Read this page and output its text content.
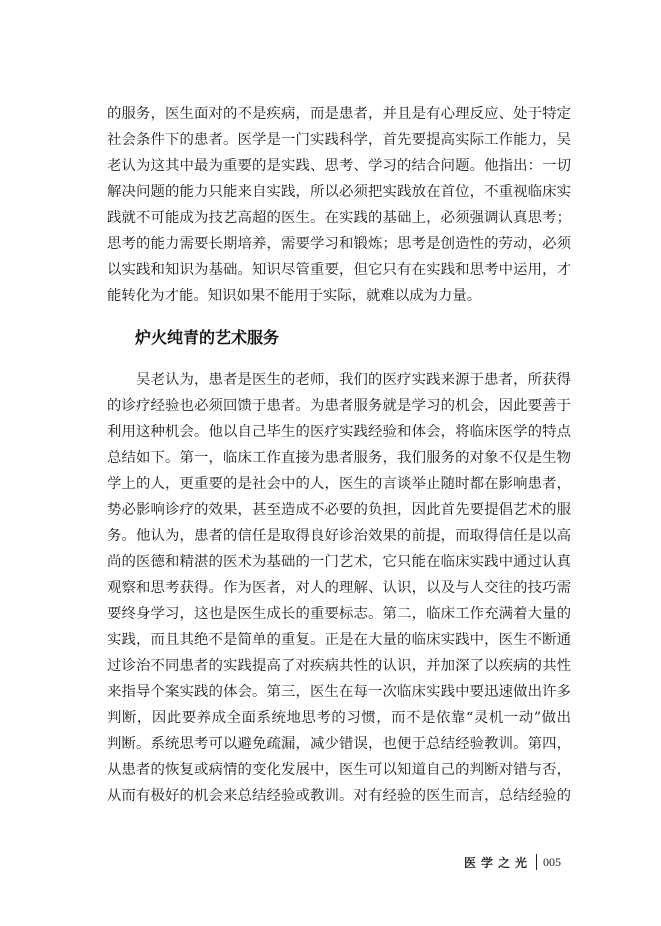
的服务，医生面对的不是疾病，而是患者，并且是有心理反应、处于特定
社会条件下的患者。医学是一门实践科学，首先要提高实际工作能力，吴
老认为这其中最为重要的是实践、思考、学习的结合问题。他指出：一切
解决问题的能力只能来自实践，所以必须把实践放在首位，不重视临床实
践就不可能成为技艺高超的医生。在实践的基础上，必须强调认真思考；
思考的能力需要长期培养，需要学习和锻炼；思考是创造性的劳动，必须
以实践和知识为基础。知识尽管重要，但它只有在实践和思考中运用，才
能转化为才能。知识如果不能用于实际，就难以成为力量。
炉火纯青的艺术服务
吴老认为，患者是医生的老师，我们的医疗实践来源于患者，所获得
的诊疗经验也必须回馈于患者。为患者服务就是学习的机会，因此要善于
利用这种机会。他以自己毕生的医疗实践经验和体会，将临床医学的特点
总结如下。第一，临床工作直接为患者服务，我们服务的对象不仅是生物
学上的人，更重要的是社会中的人，医生的言谈举止随时都在影响患者，
势必影响诊疗的效果，甚至造成不必要的负担，因此首先要提倡艺术的服
务。他认为，患者的信任是取得良好诊治效果的前提，而取得信任是以高
尚的医德和精湛的医术为基础的一门艺术，它只能在临床实践中通过认真
观察和思考获得。作为医者，对人的理解、认识，以及与人交往的技巧需
要终身学习，这也是医生成长的重要标志。第二，临床工作充满着大量的
实践，而且其绝不是简单的重复。正是在大量的临床实践中，医生不断通
过诊治不同患者的实践提高了对疾病共性的认识，并加深了以疾病的共性
来指导个案实践的体会。第三，医生在每一次临床实践中要迅速做出许多
判断，因此要养成全面系统地思考的习惯，而不是依靠“灵机一动”做出
判断。系统思考可以避免疏漏，减少错误，也便于总结经验教训。第四，
从患者的恢复或病情的变化发展中，医生可以知道自己的判断对错与否，
从而有极好的机会来总结经验或教训。对有经验的医生而言，总结经验的
医学之光 005
